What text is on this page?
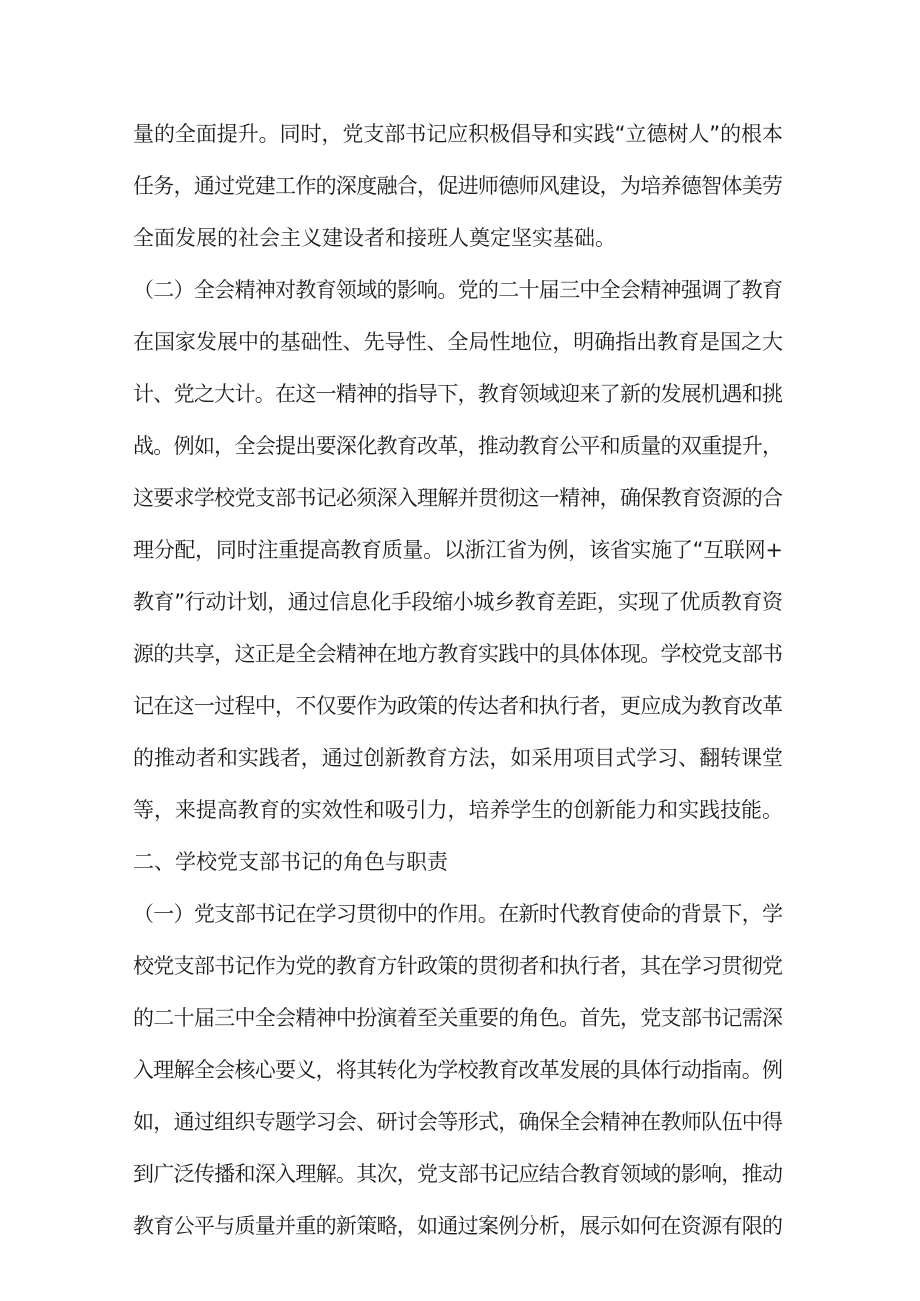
量的全面提升。同时，党支部书记应积极倡导和实践“立德树人”的根本
任务，通过党建工作的深度融合，促进师德师风建设，为培养德智体美劳
全面发展的社会主义建设者和接班人奠定坚实基础。
（二）全会精神对教育领域的影响。党的二十届三中全会精神强调了教育
在国家发展中的基础性、先导性、全局性地位，明确指出教育是国之大
计、党之大计。在这一精神的指导下，教育领域迎来了新的发展机遇和挑
战。例如，全会提出要深化教育改革，推动教育公平和质量的双重提升，
这要求学校党支部书记必须深入理解并贯彻这一精神，确保教育资源的合
理分配，同时注重提高教育质量。以浙江省为例，该省实施了“互联网+
教育”行动计划，通过信息化手段缩小城乡教育差距，实现了优质教育资
源的共享，这正是全会精神在地方教育实践中的具体体现。学校党支部书
记在这一过程中，不仅要作为政策的传达者和执行者，更应成为教育改革
的推动者和实践者，通过创新教育方法，如采用项目式学习、翻转课堂
等，来提高教育的实效性和吸引力，培养学生的创新能力和实践技能。
二、学校党支部书记的角色与职责
（一）党支部书记在学习贯彻中的作用。在新时代教育使命的背景下，学
校党支部书记作为党的教育方针政策的贯彻者和执行者，其在学习贯彻党
的二十届三中全会精神中扮演着至关重要的角色。首先，党支部书记需深
入理解全会核心要义，将其转化为学校教育改革发展的具体行动指南。例
如，通过组织专题学习会、研讨会等形式，确保全会精神在教师队伍中得
到广泛传播和深入理解。其次，党支部书记应结合教育领域的影响，推动
教育公平与质量并重的新策略，如通过案例分析，展示如何在资源有限的
